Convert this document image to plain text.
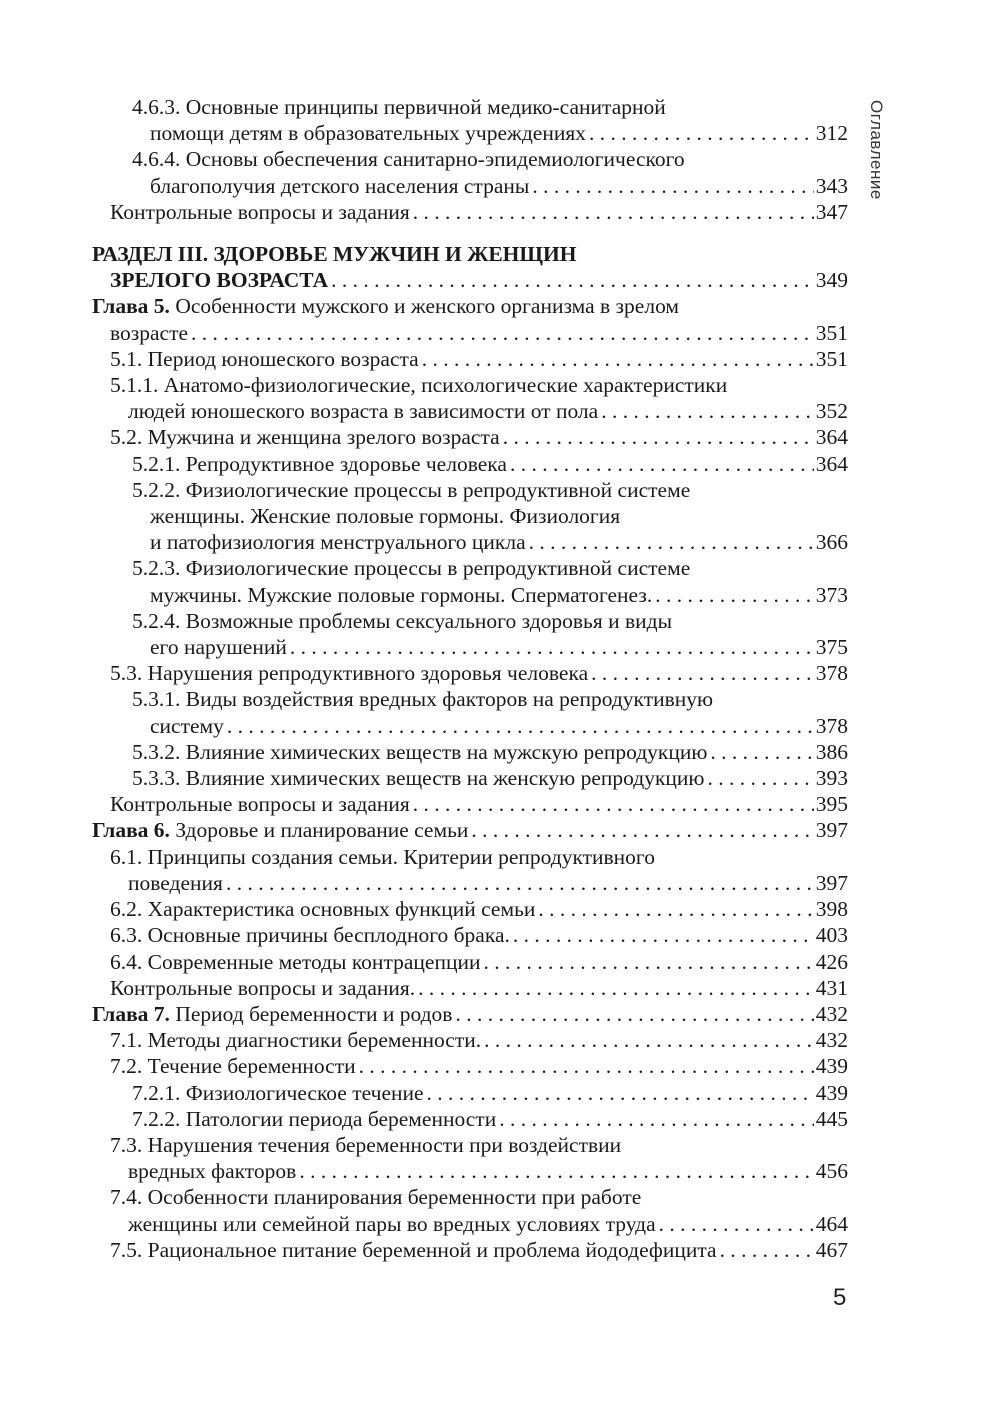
Оглавление
4.6.3. Основные принципы первичной медико-санитарной
помощи детям в образовательных учреждениях . . .	312
4.6.4. Основы обеспечения санитарно-эпидемиологического
благополучия детского населения страны . . .	343
Контрольные вопросы и задания . . .	347
РАЗДЕЛ III. ЗДОРОВЬЕ МУЖЧИН И ЖЕНЩИН
ЗРЕЛОГО ВОЗРАСТА . . .	349
Глава 5. Особенности мужского и женского организма в зрелом
возрасте . . .	351
5.1. Период юношеского возраста . . .	351
5.1.1. Анатомо-физиологические, психологические характеристики
людей юношеского возраста в зависимости от пола . . .	352
5.2. Мужчина и женщина зрелого возраста . . .	364
5.2.1. Репродуктивное здоровье человека . . .	364
5.2.2. Физиологические процессы в репродуктивной системе
женщины. Женские половые гормоны. Физиология
и патофизиология менструального цикла . . .	366
5.2.3. Физиологические процессы в репродуктивной системе
мужчины. Мужские половые гормоны. Сперматогенез. . . .	373
5.2.4. Возможные проблемы сексуального здоровья и виды
его нарушений . . .	375
5.3. Нарушения репродуктивного здоровья человека . . .	378
5.3.1. Виды воздействия вредных факторов на репродуктивную
систему . . .	378
5.3.2. Влияние химических веществ на мужскую репродукцию . . .	386
5.3.3. Влияние химических веществ на женскую репродукцию . . .	393
Контрольные вопросы и задания . . .	395
Глава 6.
Здоровье и планирование семьи . . .	397
6.1. Принципы создания семьи. Критерии репродуктивного
поведения . . .	397
6.2. Характеристика основных функций семьи . . .	398
6.3. Основные причины бесплодного брака. . . .	403
6.4. Современные методы контрацепции . . .	426
Контрольные вопросы и задания. . . .	431
Глава 7.
Период беременности и родов . . .	432
7.1. Методы диагностики беременности. . . .	432
7.2. Течение беременности . . .	439
7.2.1. Физиологическое течение . . .	439
7.2.2. Патологии периода беременности . . .	445
7.3. Нарушения течения беременности при воздействии
вредных факторов . . .	456
7.4. Особенности планирования беременности при работе
женщины или семейной пары во вредных условиях труда . . .	464
7.5. Рациональное питание беременной и проблема йододефицита . . .	467
5
